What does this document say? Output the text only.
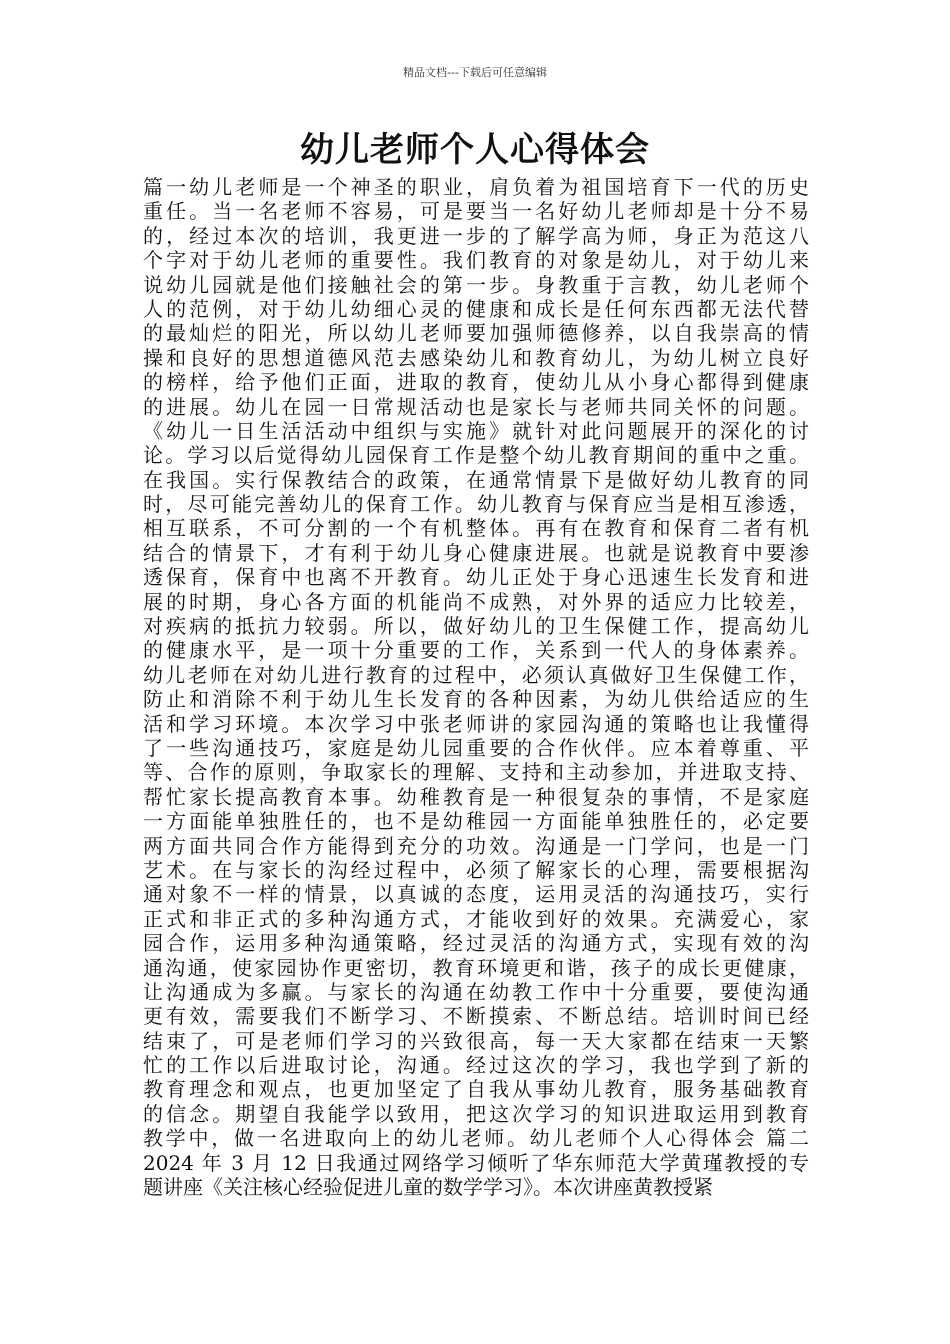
精品文档---下载后可任意编辑
幼儿老师个人心得体会
篇一幼儿老师是一个神圣的职业，肩负着为祖国培育下一代的历史
重任。当一名老师不容易，可是要当一名好幼儿老师却是十分不易
的，经过本次的培训，我更进一步的了解学高为师，身正为范这八
个字对于幼儿老师的重要性。我们教育的对象是幼儿，对于幼儿来
说幼儿园就是他们接触社会的第一步。身教重于言教，幼儿老师个
人的范例，对于幼儿幼细心灵的健康和成长是任何东西都无法代替
的最灿烂的阳光，所以幼儿老师要加强师德修养，以自我崇高的情
操和良好的思想道德风范去感染幼儿和教育幼儿，为幼儿树立良好
的榜样，给予他们正面，进取的教育，使幼儿从小身心都得到健康
的进展。幼儿在园一日常规活动也是家长与老师共同关怀的问题。
《幼儿一日生活活动中组织与实施》就针对此问题展开的深化的讨
论。学习以后觉得幼儿园保育工作是整个幼儿教育期间的重中之重。
在我国。实行保教结合的政策，在通常情景下是做好幼儿教育的同
时，尽可能完善幼儿的保育工作。幼儿教育与保育应当是相互渗透，
相互联系，不可分割的一个有机整体。再有在教育和保育二者有机
结合的情景下，才有利于幼儿身心健康进展。也就是说教育中要渗
透保育，保育中也离不开教育。幼儿正处于身心迅速生长发育和进
展的时期，身心各方面的机能尚不成熟，对外界的适应力比较差，
对疾病的抵抗力较弱。所以，做好幼儿的卫生保健工作，提高幼儿
的健康水平，是一项十分重要的工作，关系到一代人的身体素养。
幼儿老师在对幼儿进行教育的过程中，必须认真做好卫生保健工作，
防止和消除不利于幼儿生长发育的各种因素，为幼儿供给适应的生
活和学习环境。本次学习中张老师讲的家园沟通的策略也让我懂得
了一些沟通技巧，家庭是幼儿园重要的合作伙伴。应本着尊重、平
等、合作的原则，争取家长的理解、支持和主动参加，并进取支持、
帮忙家长提高教育本事。幼稚教育是一种很复杂的事情，不是家庭
一方面能单独胜任的，也不是幼稚园一方面能单独胜任的，必定要
两方面共同合作方能得到充分的功效。沟通是一门学问，也是一门
艺术。在与家长的沟经过程中，必须了解家长的心理，需要根据沟
通对象不一样的情景，以真诚的态度，运用灵活的沟通技巧，实行
正式和非正式的多种沟通方式，才能收到好的效果。充满爱心，家
园合作，运用多种沟通策略，经过灵活的沟通方式，实现有效的沟
通沟通，使家园协作更密切，教育环境更和谐，孩子的成长更健康，
让沟通成为多赢。与家长的沟通在幼教工作中十分重要，要使沟通
更有效，需要我们不断学习、不断摸索、不断总结。培训时间已经
结束了，可是老师们学习的兴致很高，每一天大家都在结束一天繁
忙的工作以后进取讨论，沟通。经过这次的学习，我也学到了新的
教育理念和观点，也更加坚定了自我从事幼儿教育，服务基础教育
的信念。期望自我能学以致用，把这次学习的知识进取运用到教育
教学中，做一名进取向上的幼儿老师。幼儿老师个人心得体会 篇二
2024 年 3 月 12 日我通过网络学习倾听了华东师范大学黄瑾教授的专
题讲座《关注核心经验促进儿童的数学学习》。本次讲座黄教授紧
